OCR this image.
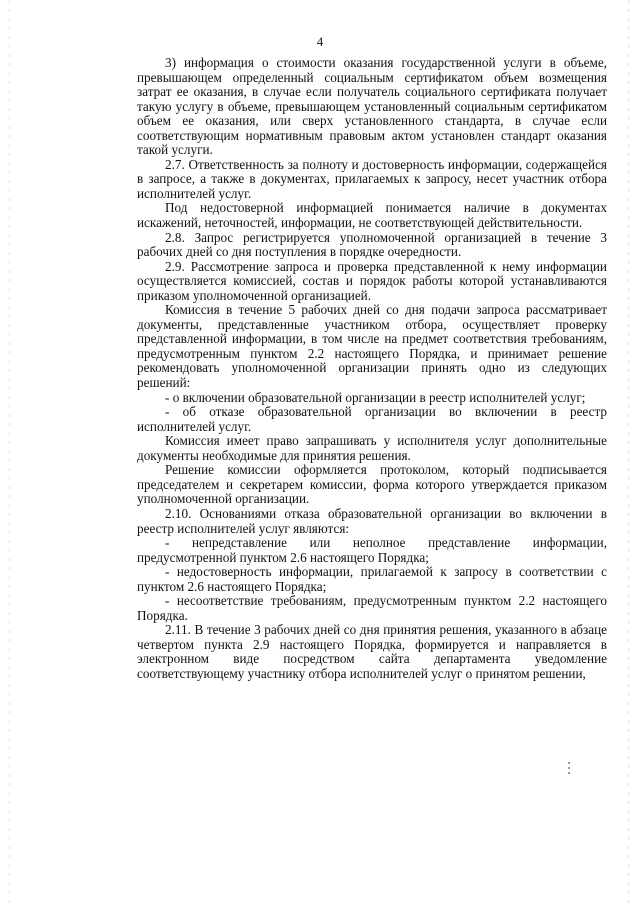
4

3) информация о стоимости оказания государственной услуги в объеме, превышающем определенный социальным сертификатом объем возмещения затрат ее оказания, в случае если получатель социального сертификата получает такую услугу в объеме, превышающем установленный социальным сертификатом объем ее оказания, или сверх установленного стандарта, в случае если соответствующим нормативным правовым актом установлен стандарт оказания такой услуги.

2.7. Ответственность за полноту и достоверность информации, содержащейся в запросе, а также в документах, прилагаемых к запросу, несет участник отбора исполнителей услуг.

Под недостоверной информацией понимается наличие в документах искажений, неточностей, информации, не соответствующей действительности.

2.8. Запрос регистрируется уполномоченной организацией в течение 3 рабочих дней со дня поступления в порядке очередности.

2.9. Рассмотрение запроса и проверка представленной к нему информации осуществляется комиссией, состав и порядок работы которой устанавливаются приказом уполномоченной организацией.

Комиссия в течение 5 рабочих дней со дня подачи запроса рассматривает документы, представленные участником отбора, осуществляет проверку представленной информации, в том числе на предмет соответствия требованиям, предусмотренным пунктом 2.2 настоящего Порядка, и принимает решение рекомендовать уполномоченной организации принять одно из следующих решений:

- о включении образовательной организации в реестр исполнителей услуг;

- об отказе образовательной организации во включении в реестр исполнителей услуг.

Комиссия имеет право запрашивать у исполнителя услуг дополнительные документы необходимые для принятия решения.

Решение комиссии оформляется протоколом, который подписывается председателем и секретарем комиссии, форма которого утверждается приказом уполномоченной организации.

2.10. Основаниями отказа образовательной организации во включении в реестр исполнителей услуг являются:

- непредставление или неполное представление информации, предусмотренной пунктом 2.6 настоящего Порядка;

- недостоверность информации, прилагаемой к запросу в соответствии с пунктом 2.6 настоящего Порядка;

- несоответствие требованиям, предусмотренным пунктом 2.2 настоящего Порядка.

2.11. В течение 3 рабочих дней со дня принятия решения, указанного в абзаце четвертом пункта 2.9 настоящего Порядка, формируется и направляется в электронном виде посредством сайта департамента уведомление соответствующему участнику отбора исполнителей услуг о принятом решении,
